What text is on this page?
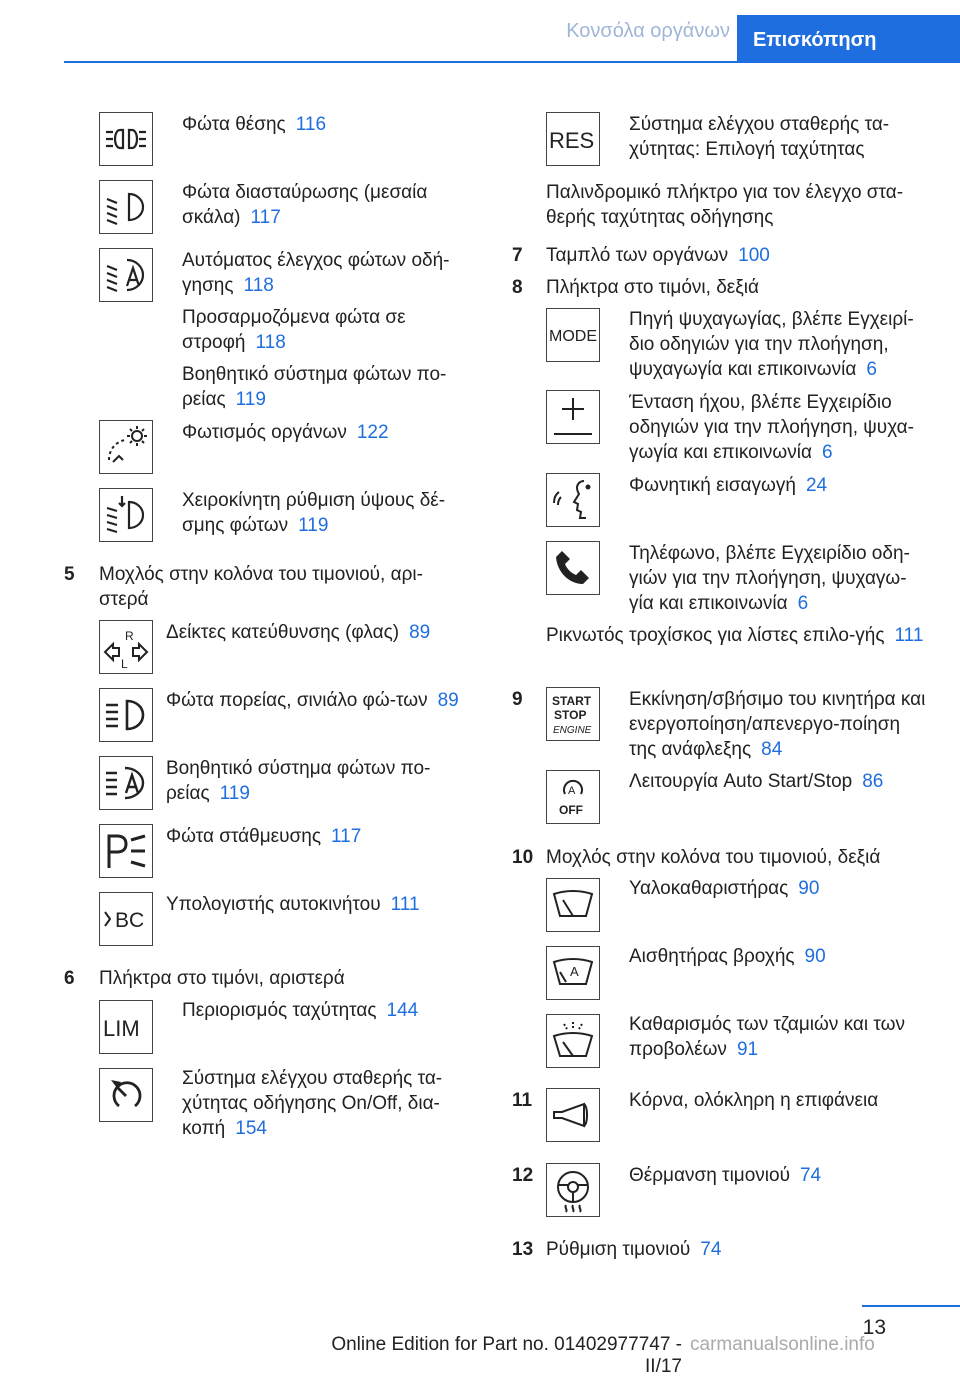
Κονσόλα οργάνων	Επισκόπηση
Φώτα θέσης 116
Φώτα διασταύρωσης (μεσαία σκάλα) 117
Αυτόματος έλεγχος φώτων οδή-γησης 118
Προσαρμοζόμενα φώτα σε στροφή 118
Βοηθητικό σύστημα φώτων πο-ρείας 119
Φωτισμός οργάνων 122
Χειροκίνητη ρύθμιση ύψους δέ-σμης φώτων 119
5	Μοχλός στην κολόνα του τιμονιού, αρι-στερά
R
L
Δείκτες κατεύθυνσης (φλας) 89
Φώτα πορείας, σινιάλο φώ-των 89
Βοηθητικό σύστημα φώτων πο-ρείας 119
Φώτα στάθμευσης 117
BC
Υπολογιστής αυτοκινήτου 111
6	Πλήκτρα στο τιμόνι, αριστερά
LIM
Περιορισμός ταχύτητας 144
Σύστημα ελέγχου σταθερής τα-χύτητας οδήγησης On/Off, δια-κοπή 154
RES
Σύστημα ελέγχου σταθερής τα-χύτητας: Επιλογή ταχύτητας
Παλινδρομικό πλήκτρο για τον έλεγχο στα-θερής ταχύτητας οδήγησης
7	Ταμπλό των οργάνων 100
8	Πλήκτρα στο τιμόνι, δεξιά
MODE
Πηγή ψυχαγωγίας, βλέπε Εγχειρί-διο οδηγιών για την πλοήγηση, ψυχαγωγία και επικοινωνία 6
Ένταση ήχου, βλέπε Εγχειρίδιο οδηγιών για την πλοήγηση, ψυχα-γωγία και επικοινωνία 6
Φωνητική εισαγωγή 24
Τηλέφωνο, βλέπε Εγχειρίδιο οδη-γιών για την πλοήγηση, ψυχαγω-γία και επικοινωνία 6
Ρικνωτός τροχίσκος για λίστες επιλο-γής 111
9	START
STOP
ENGINE
Εκκίνηση/σβήσιμο του κινητήρα και ενεργοποίηση/απενεργο-ποίηση της ανάφλεξης 84
A
OFF
Λειτουργία Auto Start/Stop 86
10 Μοχλός στην κολόνα του τιμονιού, δεξιά
Υαλοκαθαριστήρας 90
A
Αισθητήρας βροχής 90
Καθαρισμός των τζαμιών και των προβολέων 91
11	Κόρνα, ολόκληρη η επιφάνεια
12	Θέρμανση τιμονιού 74
13 Ρύθμιση τιμονιού 74
13
Online Edition for Part no. 01402977747 - II/17
carmanualsonline.info
